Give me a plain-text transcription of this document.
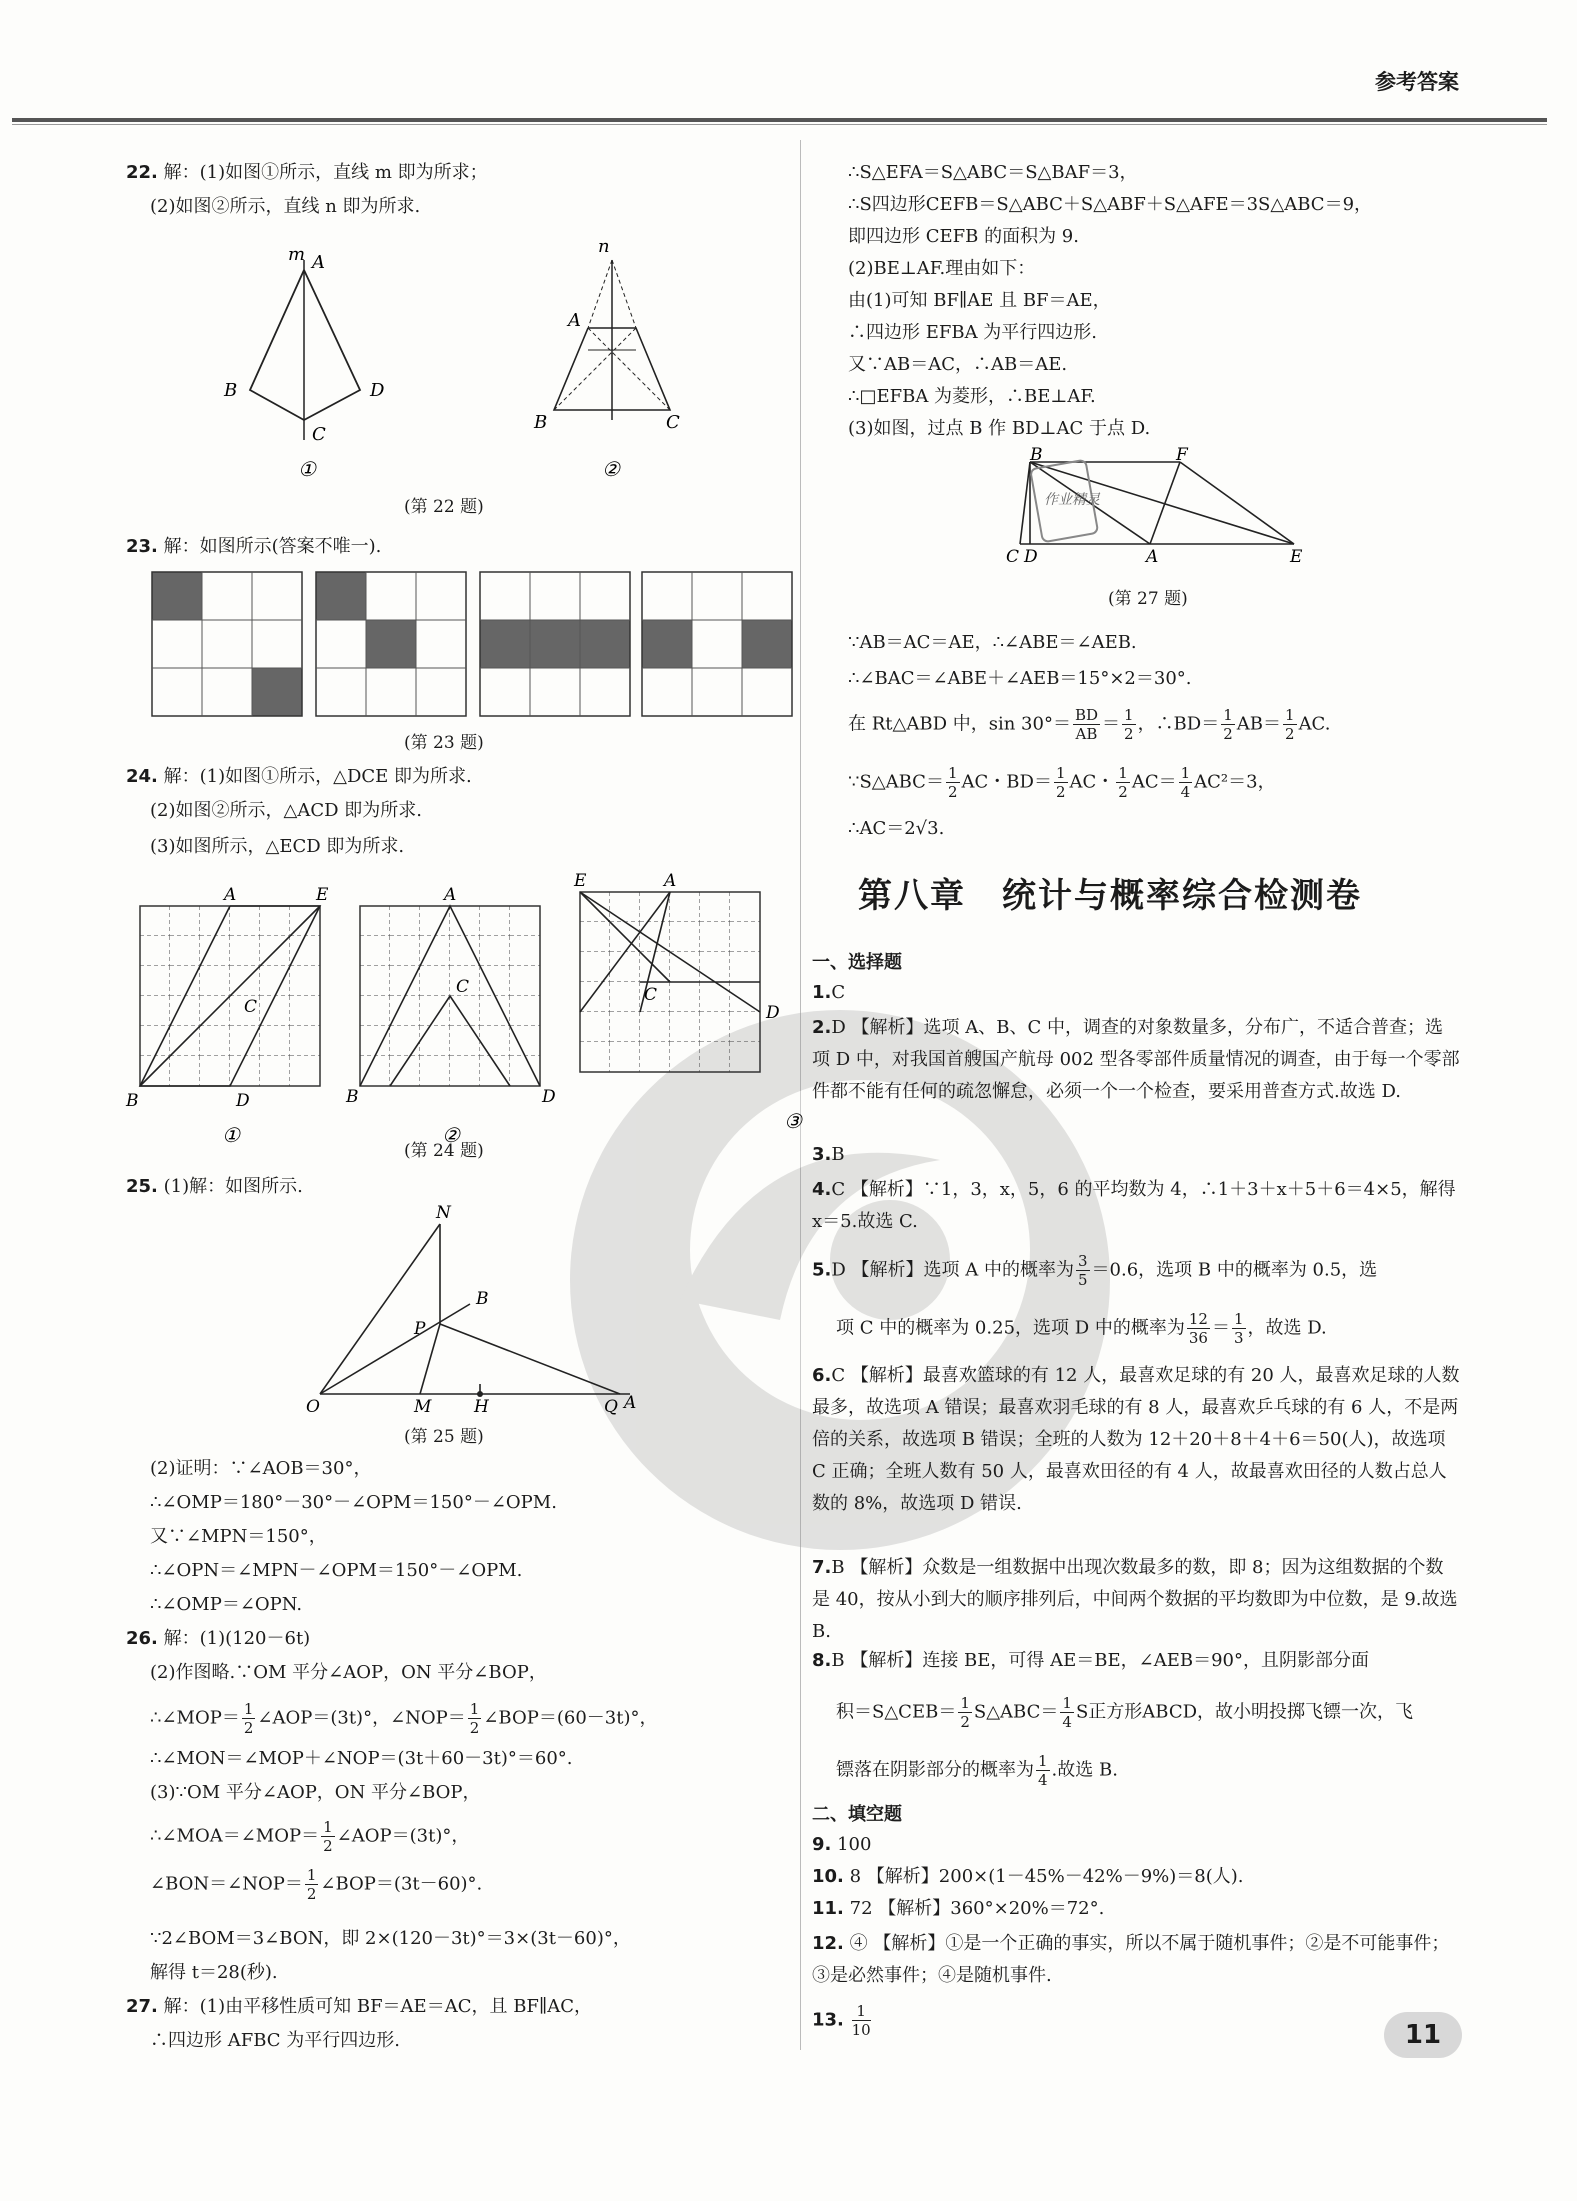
参考答案
22. 解：(1)如图①所示，直线 m 即为所求；
(2)如图②所示，直线 n 即为所求.
m A
B
C
D
①
n
A
B	C
②
(第 22 题)
23. 解：如图所示(答案不唯一).
(第 23 题)
24. 解：(1)如图①所示，△DCE 即为所求.
(2)如图②所示，△ACD 即为所求.
(3)如图所示，△ECD 即为所求.
A	E
B	D
C
①
A
C
B	D
②
E	A
D
C
③
(第 24 题)
25. (1)解：如图所示.
N
B
P
O	M	H	Q A
(第 25 题)
(2)证明：∵∠AOB＝30°，
∴∠OMP＝180°－30°－∠OPM＝150°－∠OPM.
又∵∠MPN＝150°，
∴∠OPN＝∠MPN－∠OPM＝150°－∠OPM.
∴∠OMP＝∠OPN.
26. 解：(1)(120－6t)
(2)作图略.∵OM 平分∠AOP，ON 平分∠BOP，
∴∠MOP＝ $\frac{1}{2}$ ∠AOP＝(3t)°，∠NOP＝ $\frac{1}{2}$ ∠BOP＝(60－3t)°，
∴∠MON＝∠MOP＋∠NOP＝(3t＋60－3t)°＝60°.
(3)∵OM 平分∠AOP，ON 平分∠BOP，
∴∠MOA＝∠MOP＝ $\frac{1}{2}$ ∠AOP＝(3t)°，
∠BON＝∠NOP＝ $\frac{1}{2}$ ∠BOP＝(3t－60)°.
∵2∠BOM＝3∠BON，即 2×(120－3t)°＝3×(3t－60)°，
解得 t＝28(秒).
27. 解：(1)由平移性质可知 BF＝AE＝AC，且 BF∥AC，
∴四边形 AFBC 为平行四边形.
∴S△EFA＝S△ABC＝S△BAF＝3，
∴S四边形CEFB＝S△ABC＋S△ABF＋S△AFE＝3S△ABC＝9，
即四边形 CEFB 的面积为 9.
(2)BE⊥AF.理由如下：
由(1)可知 BF∥AE 且 BF＝AE，
∴四边形 EFBA 为平行四边形.
又∵AB＝AC，∴AB＝AE.
∴□EFBA 为菱形，∴BE⊥AF.
(3)如图，过点 B 作 BD⊥AC 于点 D.
作业精灵
B	F
C D	A	E
(第 27 题)
∵AB＝AC＝AE，∴∠ABE＝∠AEB.
∴∠BAC＝∠ABE＋∠AEB＝15°×2＝30°.
在 Rt△ABD 中，$\sin 30^\circ= \frac{BD}{AB} = \frac{1}{2}$ ，∴BD＝ $\frac{1}{2} AB= \frac{1}{2}$ AC.
∵S△ABC＝ $\frac{1}{2}$ AC・$BD= \frac{1}{2}$ AC・ $\frac{1}{2} AC= \frac{1}{4} AC^2=3$，
∴AC＝2√3.
第八章　统计与概率综合检测卷
一、选择题
1.C
2.D 【解析】选项 A、B、C 中，调查的对象数量多，分布广，不适合普查；选项 D 中，对我国首艘国产航母 002 型各零部件质量情况的调查，由于每一个零部件都不能有任何的疏忽懈怠，必须一个一个检查，要采用普查方式.故选 D.
3.B
4.C 【解析】∵1，3，x，5，6 的平均数为 4，∴1＋3＋x＋5＋6＝4×5，解得 x＝5.故选 C.
5.D 【解析】选项 A 中的概率为 $\frac{3}{5} =0.6$，选项 B 中的概率为 0.5，选
项 C 中的概率为 0.25，选项 D 中的概率为 $\frac{12}{36} = \frac{1}{3}$ ，故选 D.
6.C 【解析】最喜欢篮球的有 12 人，最喜欢足球的有 20 人，最喜欢足球的人数最多，故选项 A 错误；最喜欢羽毛球的有 8 人，最喜欢乒乓球的有 6 人，不是两倍的关系，故选项 B 错误；全班的人数为 12＋20＋8＋4＋6＝50(人)，故选项 C 正确；全班人数有 50 人，最喜欢田径的有 4 人，故最喜欢田径的人数占总人数的 8%，故选项 D 错误.
7.B 【解析】众数是一组数据中出现次数最多的数，即 8；因为这组数据的个数是 40，按从小到大的顺序排列后，中间两个数据的平均数即为中位数，是 9.故选 B.
8.B 【解析】连接 BE，可得 AE＝BE，∠AEB＝90°，且阴影部分面
积＝S△CEB＝ $\frac{1}{2}$ S△ABC＝ $\frac{1}{4}$ S正方形ABCD，故小明投掷飞镖一次，飞
镖落在阴影部分的概率为 $\frac{1}{4}$ .故选 B.
二、填空题
9. 100
10. 8 【解析】200×(1－45%－42%－9%)＝8(人).
11. 72 【解析】360°×20%＝72°.
12. ④ 【解析】①是一个正确的事实，所以不属于随机事件；②是不可能事件；③是必然事件；④是随机事件.
13. $\frac{1}{10}$	11
